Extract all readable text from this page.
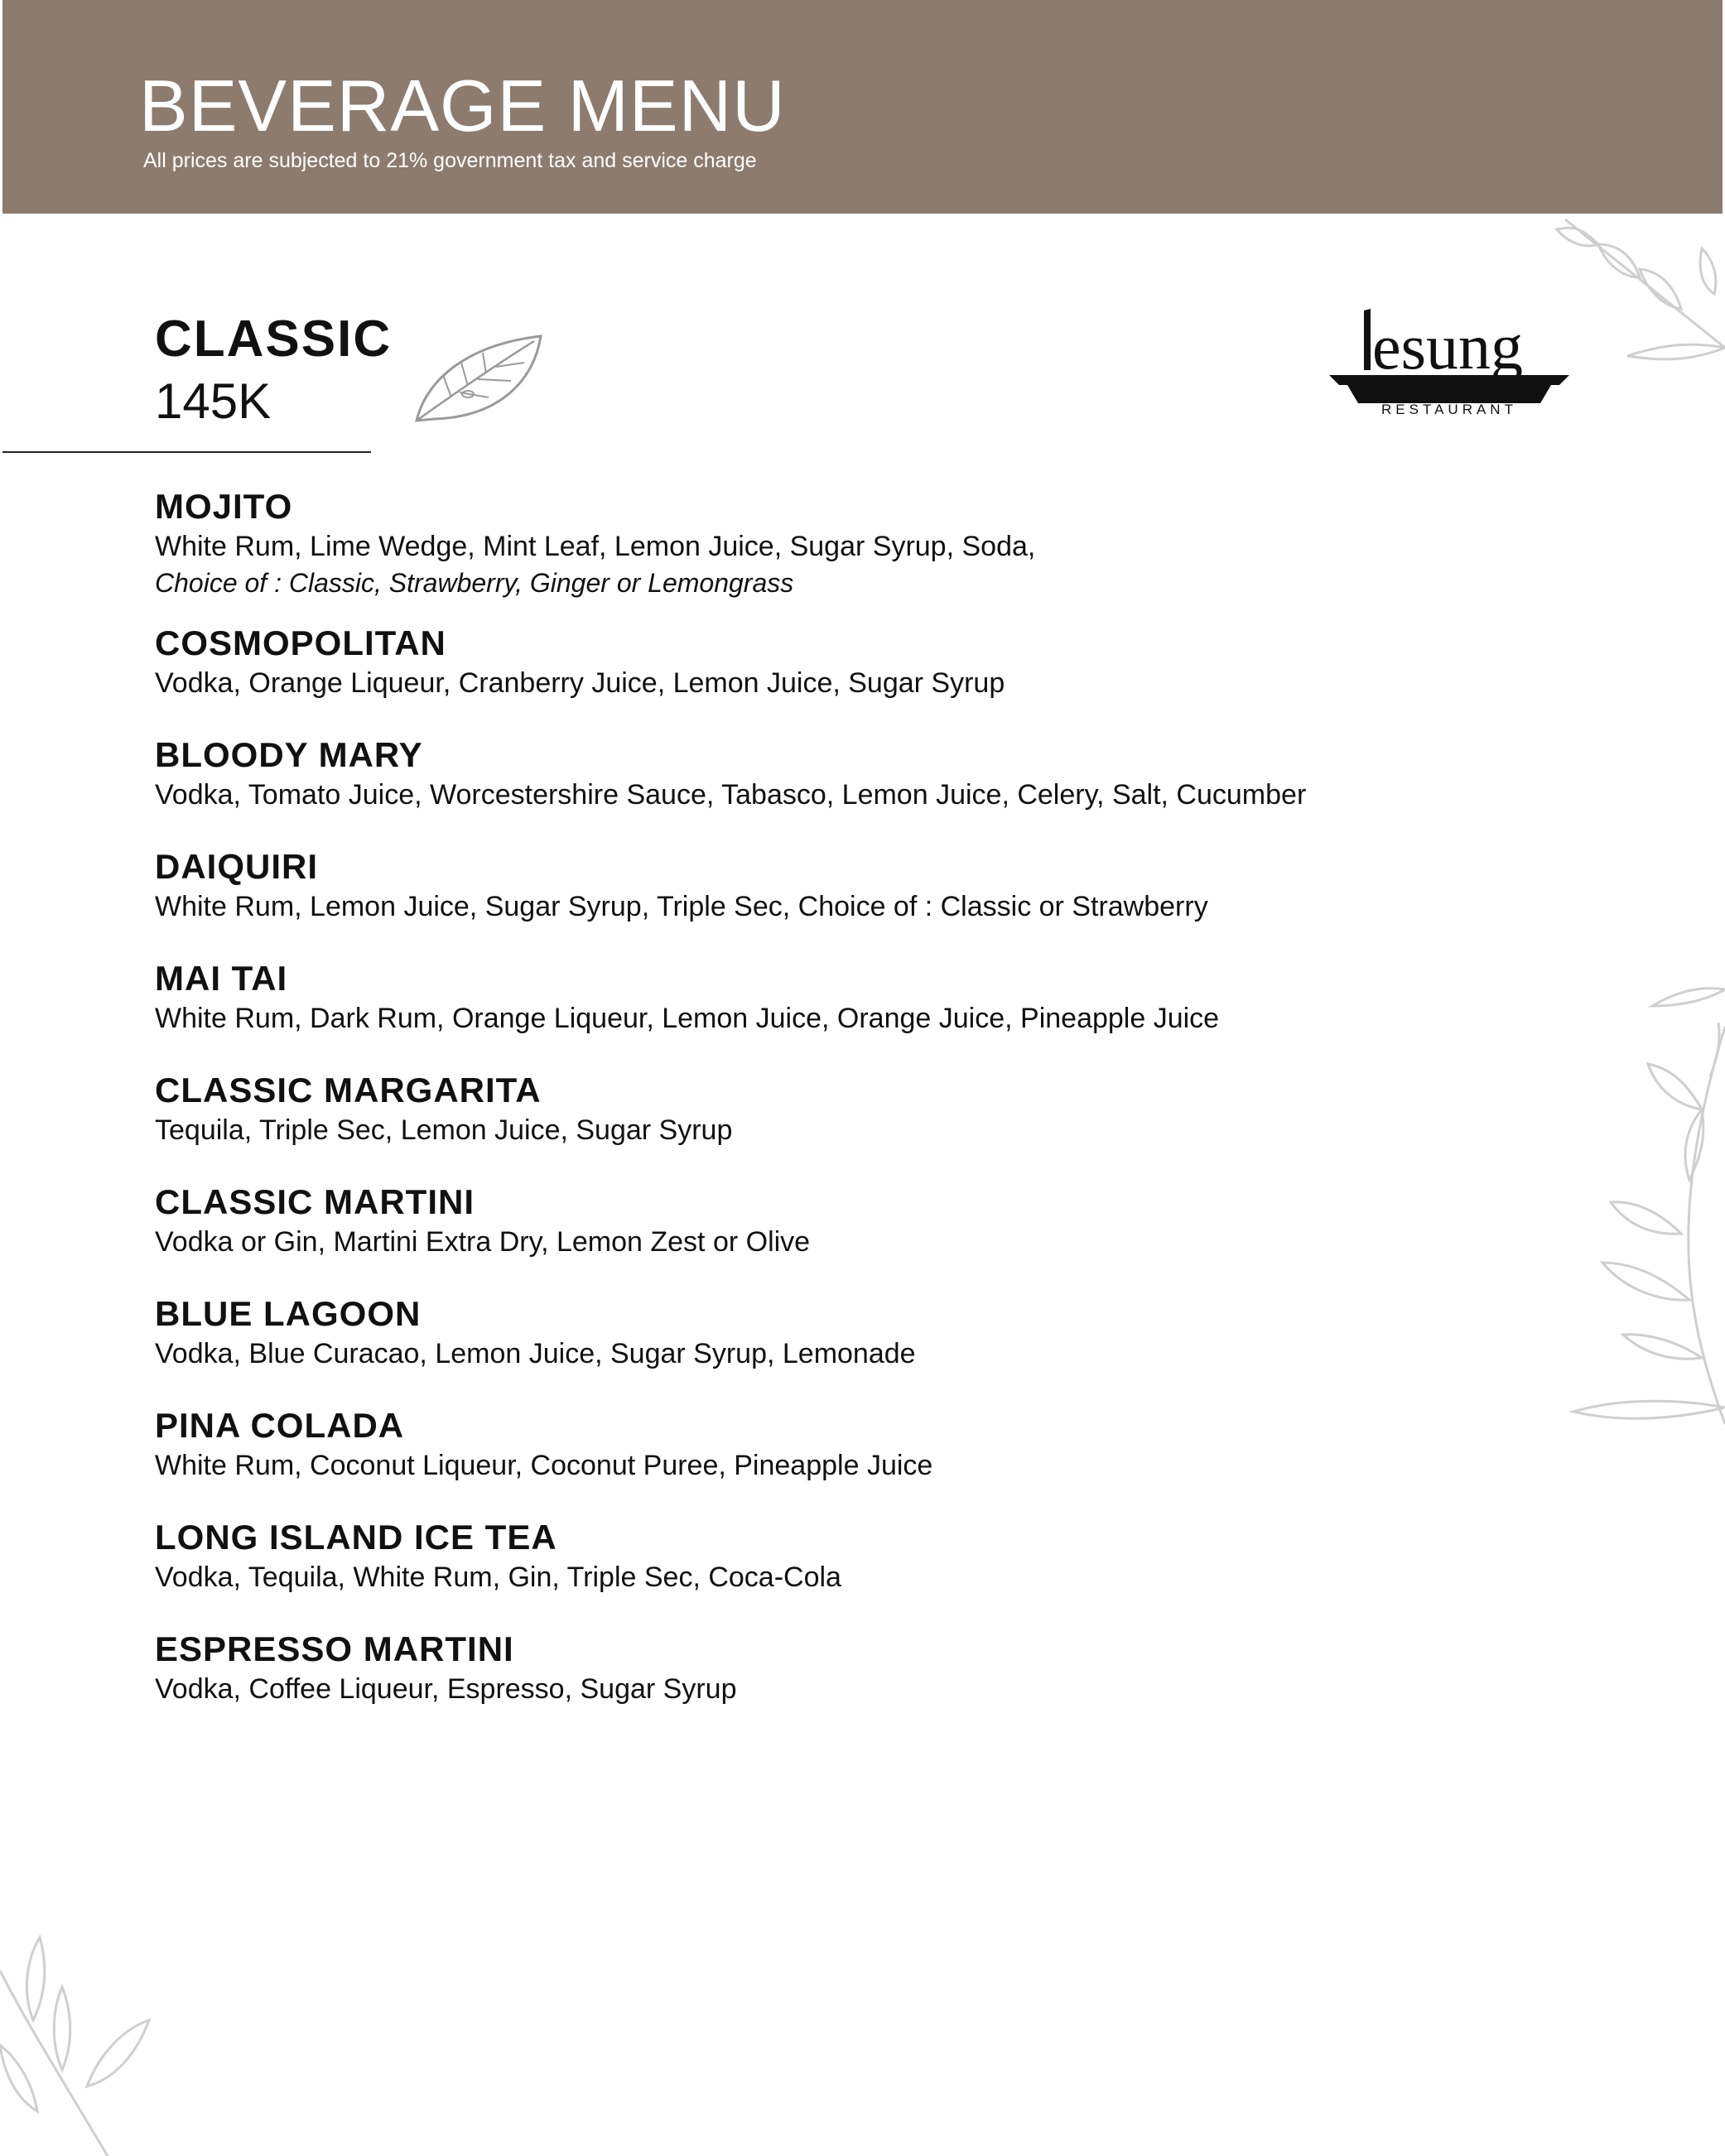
BEVERAGE MENU
All prices are subjected to 21% government tax and service charge
CLASSIC
145K
esung
RESTAURANT
MOJITO
White Rum, Lime Wedge, Mint Leaf, Lemon Juice, Sugar Syrup, Soda,
Choice of : Classic, Strawberry, Ginger or Lemongrass
COSMOPOLITAN
Vodka, Orange Liqueur, Cranberry Juice, Lemon Juice, Sugar Syrup
BLOODY MARY
Vodka, Tomato Juice, Worcestershire Sauce, Tabasco, Lemon Juice, Celery, Salt, Cucumber
DAIQUIRI
White Rum, Lemon Juice, Sugar Syrup, Triple Sec, Choice of : Classic or Strawberry
MAI TAI
White Rum, Dark Rum, Orange Liqueur, Lemon Juice, Orange Juice, Pineapple Juice
CLASSIC MARGARITA
Tequila, Triple Sec, Lemon Juice, Sugar Syrup
CLASSIC MARTINI
Vodka or Gin, Martini Extra Dry, Lemon Zest or Olive
BLUE LAGOON
Vodka, Blue Curacao, Lemon Juice, Sugar Syrup, Lemonade
PINA COLADA
White Rum, Coconut Liqueur, Coconut Puree, Pineapple Juice
LONG ISLAND ICE TEA
Vodka, Tequila, White Rum, Gin, Triple Sec, Coca-Cola
ESPRESSO MARTINI
Vodka, Coffee Liqueur, Espresso, Sugar Syrup
